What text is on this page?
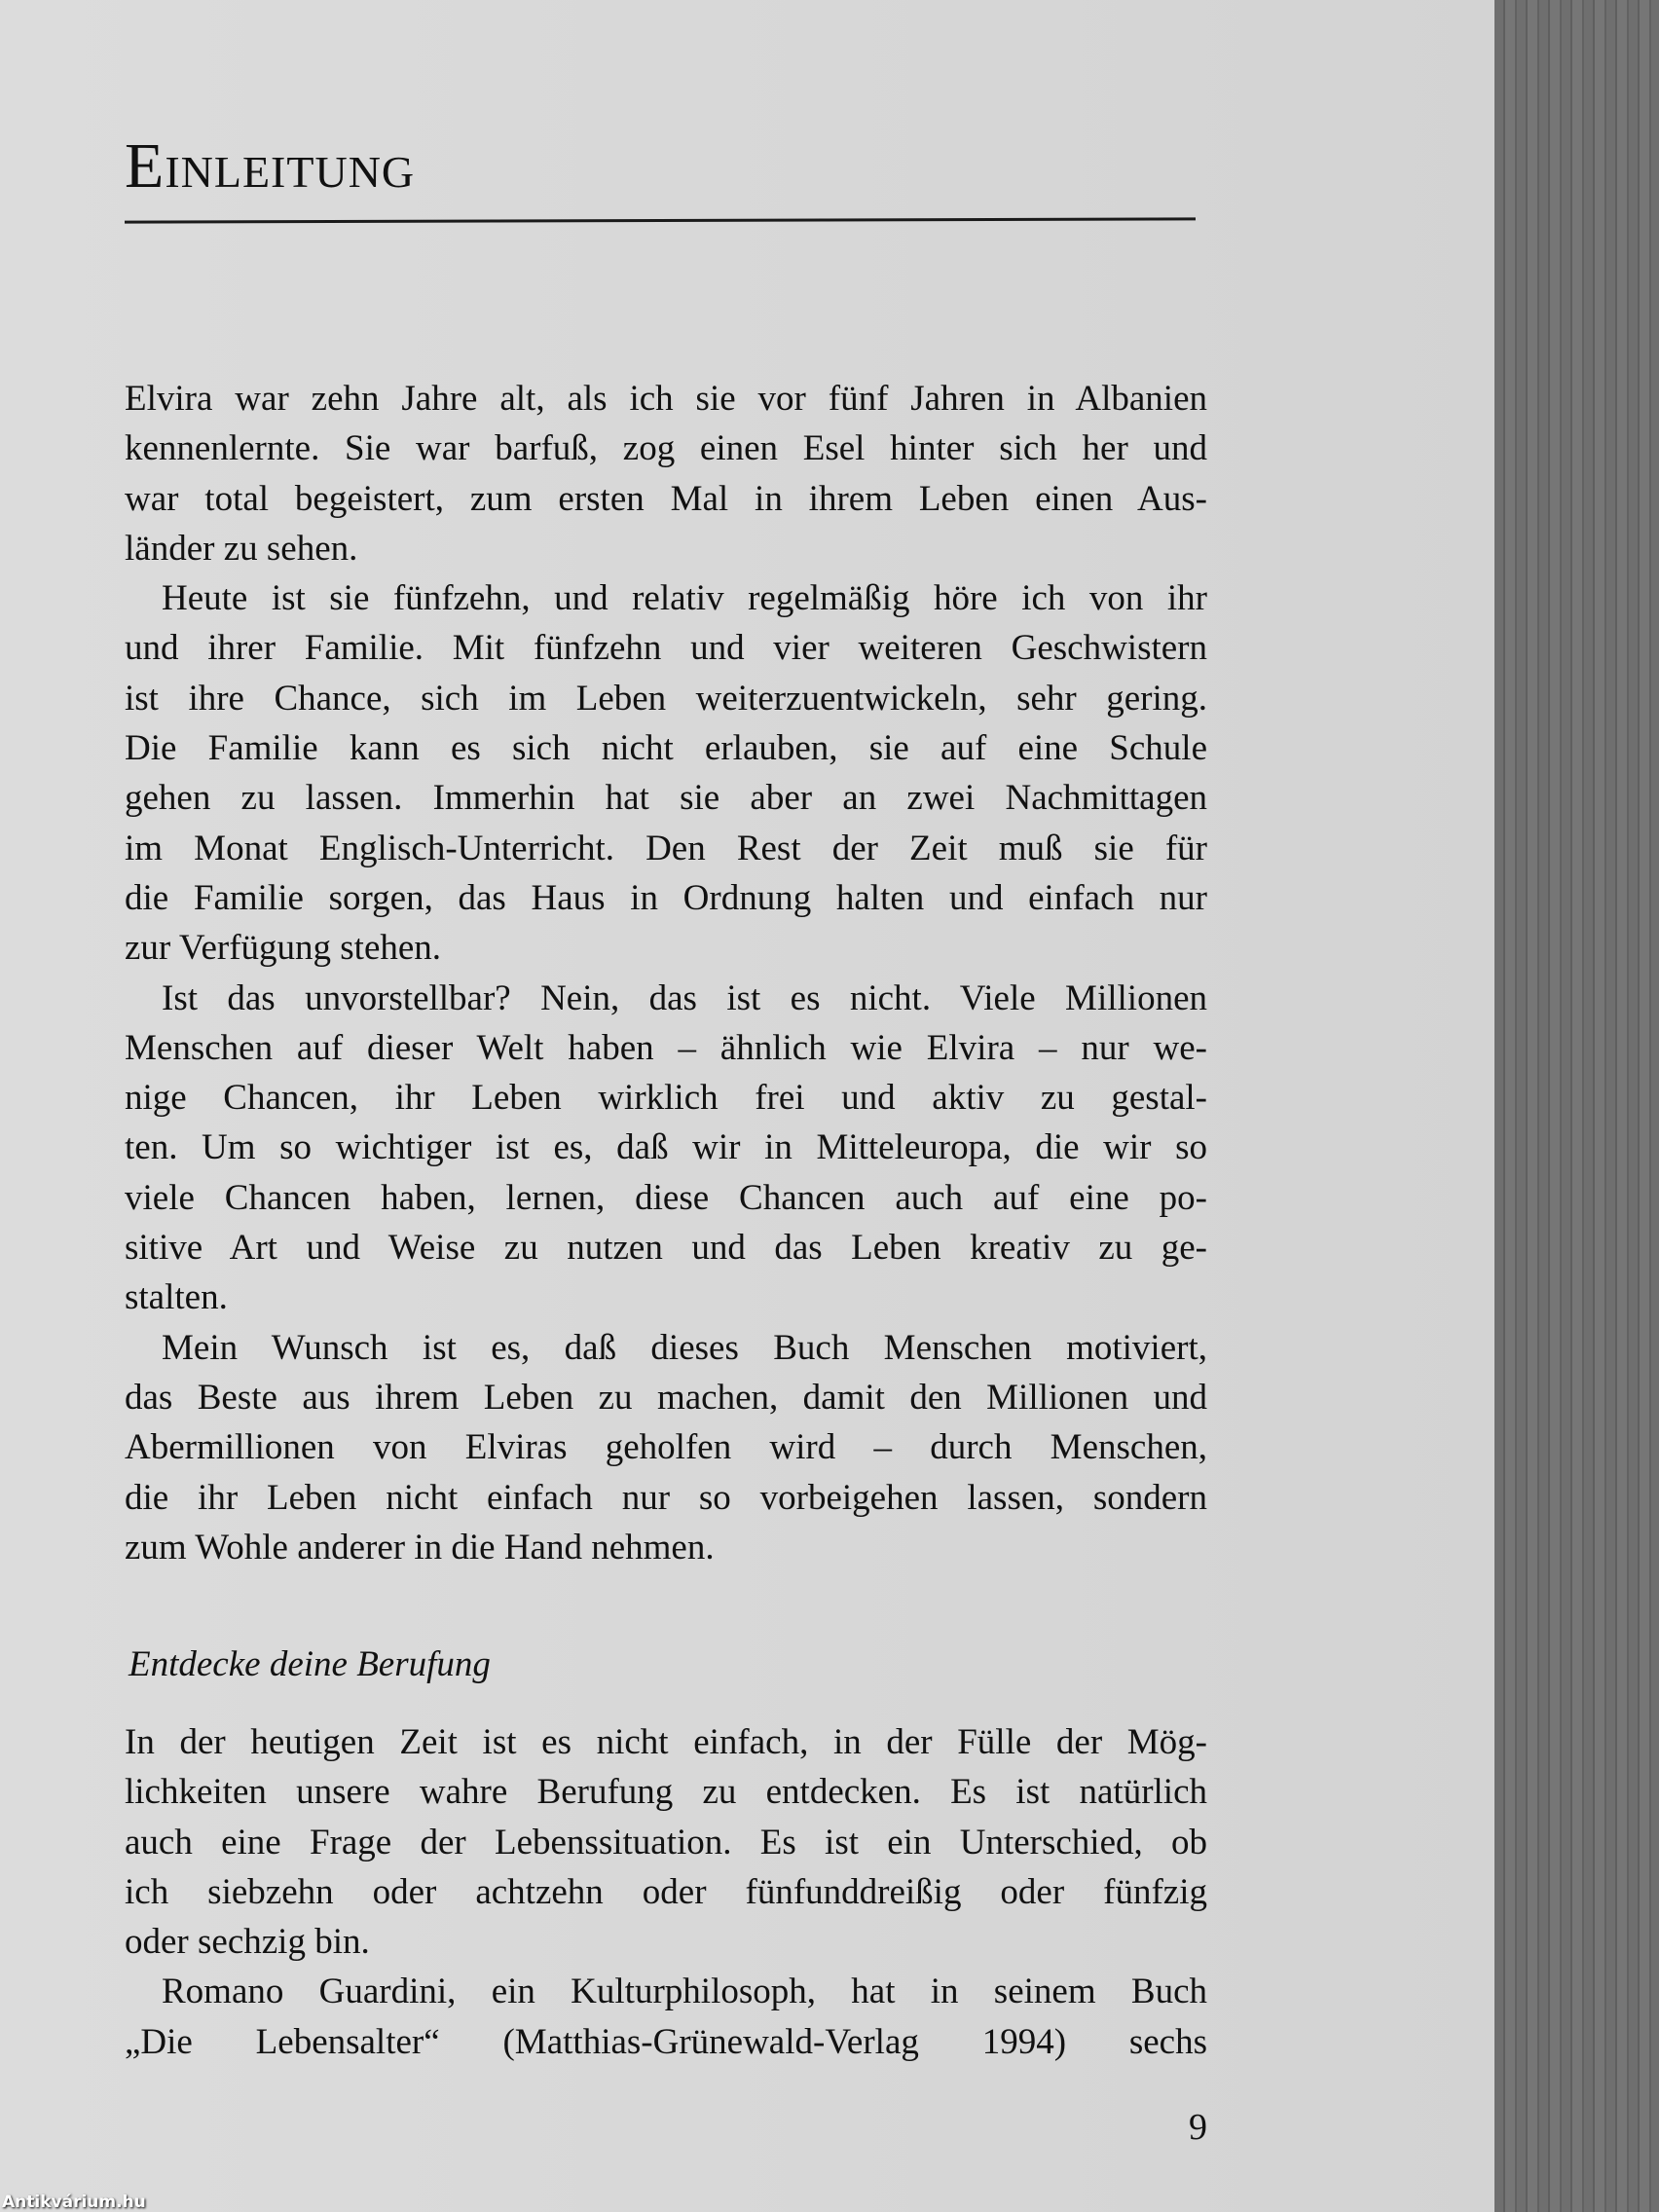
Einleitung
Elvira war zehn Jahre alt, als ich sie vor fünf Jahren in Albanien
kennenlernte. Sie war barfuß, zog einen Esel hinter sich her und
war total begeistert, zum ersten Mal in ihrem Leben einen Aus-
länder zu sehen.
Heute ist sie fünfzehn, und relativ regelmäßig höre ich von ihr
und ihrer Familie. Mit fünfzehn und vier weiteren Geschwistern
ist ihre Chance, sich im Leben weiterzuentwickeln, sehr gering.
Die Familie kann es sich nicht erlauben, sie auf eine Schule
gehen zu lassen. Immerhin hat sie aber an zwei Nachmittagen
im Monat Englisch-Unterricht. Den Rest der Zeit muß sie für
die Familie sorgen, das Haus in Ordnung halten und einfach nur
zur Verfügung stehen.
Ist das unvorstellbar? Nein, das ist es nicht. Viele Millionen
Menschen auf dieser Welt haben – ähnlich wie Elvira – nur we-
nige Chancen, ihr Leben wirklich frei und aktiv zu gestal-
ten. Um so wichtiger ist es, daß wir in Mitteleuropa, die wir so
viele Chancen haben, lernen, diese Chancen auch auf eine po-
sitive Art und Weise zu nutzen und das Leben kreativ zu ge-
stalten.
Mein Wunsch ist es, daß dieses Buch Menschen motiviert,
das Beste aus ihrem Leben zu machen, damit den Millionen und
Abermillionen von Elviras geholfen wird – durch Menschen,
die ihr Leben nicht einfach nur so vorbeigehen lassen, sondern
zum Wohle anderer in die Hand nehmen.
Entdecke deine Berufung
In der heutigen Zeit ist es nicht einfach, in der Fülle der Mög-
lichkeiten unsere wahre Berufung zu entdecken. Es ist natürlich
auch eine Frage der Lebenssituation. Es ist ein Unterschied, ob
ich siebzehn oder achtzehn oder fünfunddreißig oder fünfzig
oder sechzig bin.
Romano Guardini, ein Kulturphilosoph, hat in seinem Buch
„Die Lebensalter“ (Matthias-Grünewald-Verlag 1994) sechs
9
Antikvárium.hu
